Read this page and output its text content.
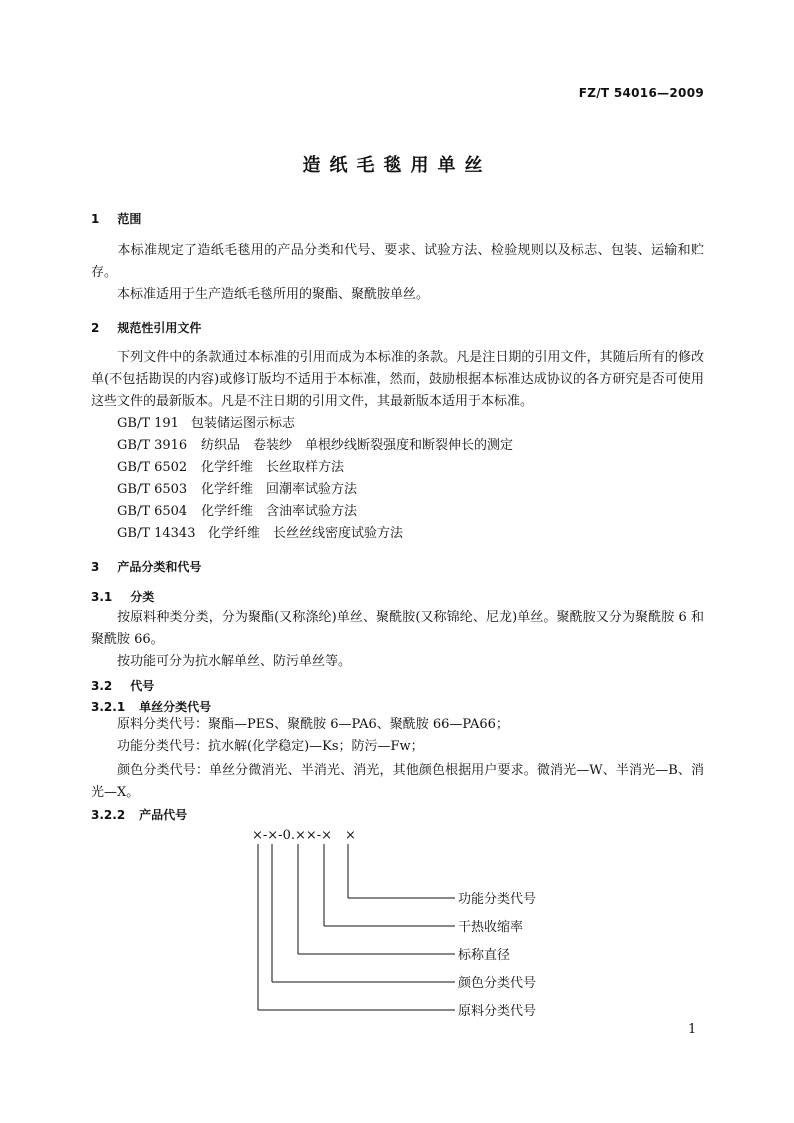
FZ/T 54016—2009
造纸毛毯用单丝
1 范围
本标准规定了造纸毛毯用的产品分类和代号、要求、试验方法、检验规则以及标志、包装、运输和贮存。
本标准适用于生产造纸毛毯所用的聚酯、聚酰胺单丝。
2 规范性引用文件
下列文件中的条款通过本标准的引用而成为本标准的条款。凡是注日期的引用文件，其随后所有的修改单(不包括勘误的内容)或修订版均不适用于本标准，然而，鼓励根据本标准达成协议的各方研究是否可使用这些文件的最新版本。凡是不注日期的引用文件，其最新版本适用于本标准。
GB/T 191 包装储运图示标志
GB/T 3916 纺织品　卷装纱　单根纱线断裂强度和断裂伸长的测定
GB/T 6502 化学纤维　长丝取样方法
GB/T 6503 化学纤维　回潮率试验方法
GB/T 6504 化学纤维　含油率试验方法
GB/T 14343 化学纤维　长丝丝线密度试验方法
3 产品分类和代号
3.1 分类
按原料种类分类，分为聚酯(又称涤纶)单丝、聚酰胺(又称锦纶、尼龙)单丝。聚酰胺又分为聚酰胺 6 和聚酰胺 66。
按功能可分为抗水解单丝、防污单丝等。
3.2 代号
3.2.1 单丝分类代号
原料分类代号：聚酯—PES、聚酰胺 6—PA6、聚酰胺 66—PA66；
功能分类代号：抗水解(化学稳定)—Ks；防污—Fw；
颜色分类代号：单丝分微消光、半消光、消光，其他颜色根据用户要求。微消光—W、半消光—B、消光—X。
3.2.2 产品代号
×-×-0.××-×　×
功能分类代号
干热收缩率
标称直径
颜色分类代号
原料分类代号
1
